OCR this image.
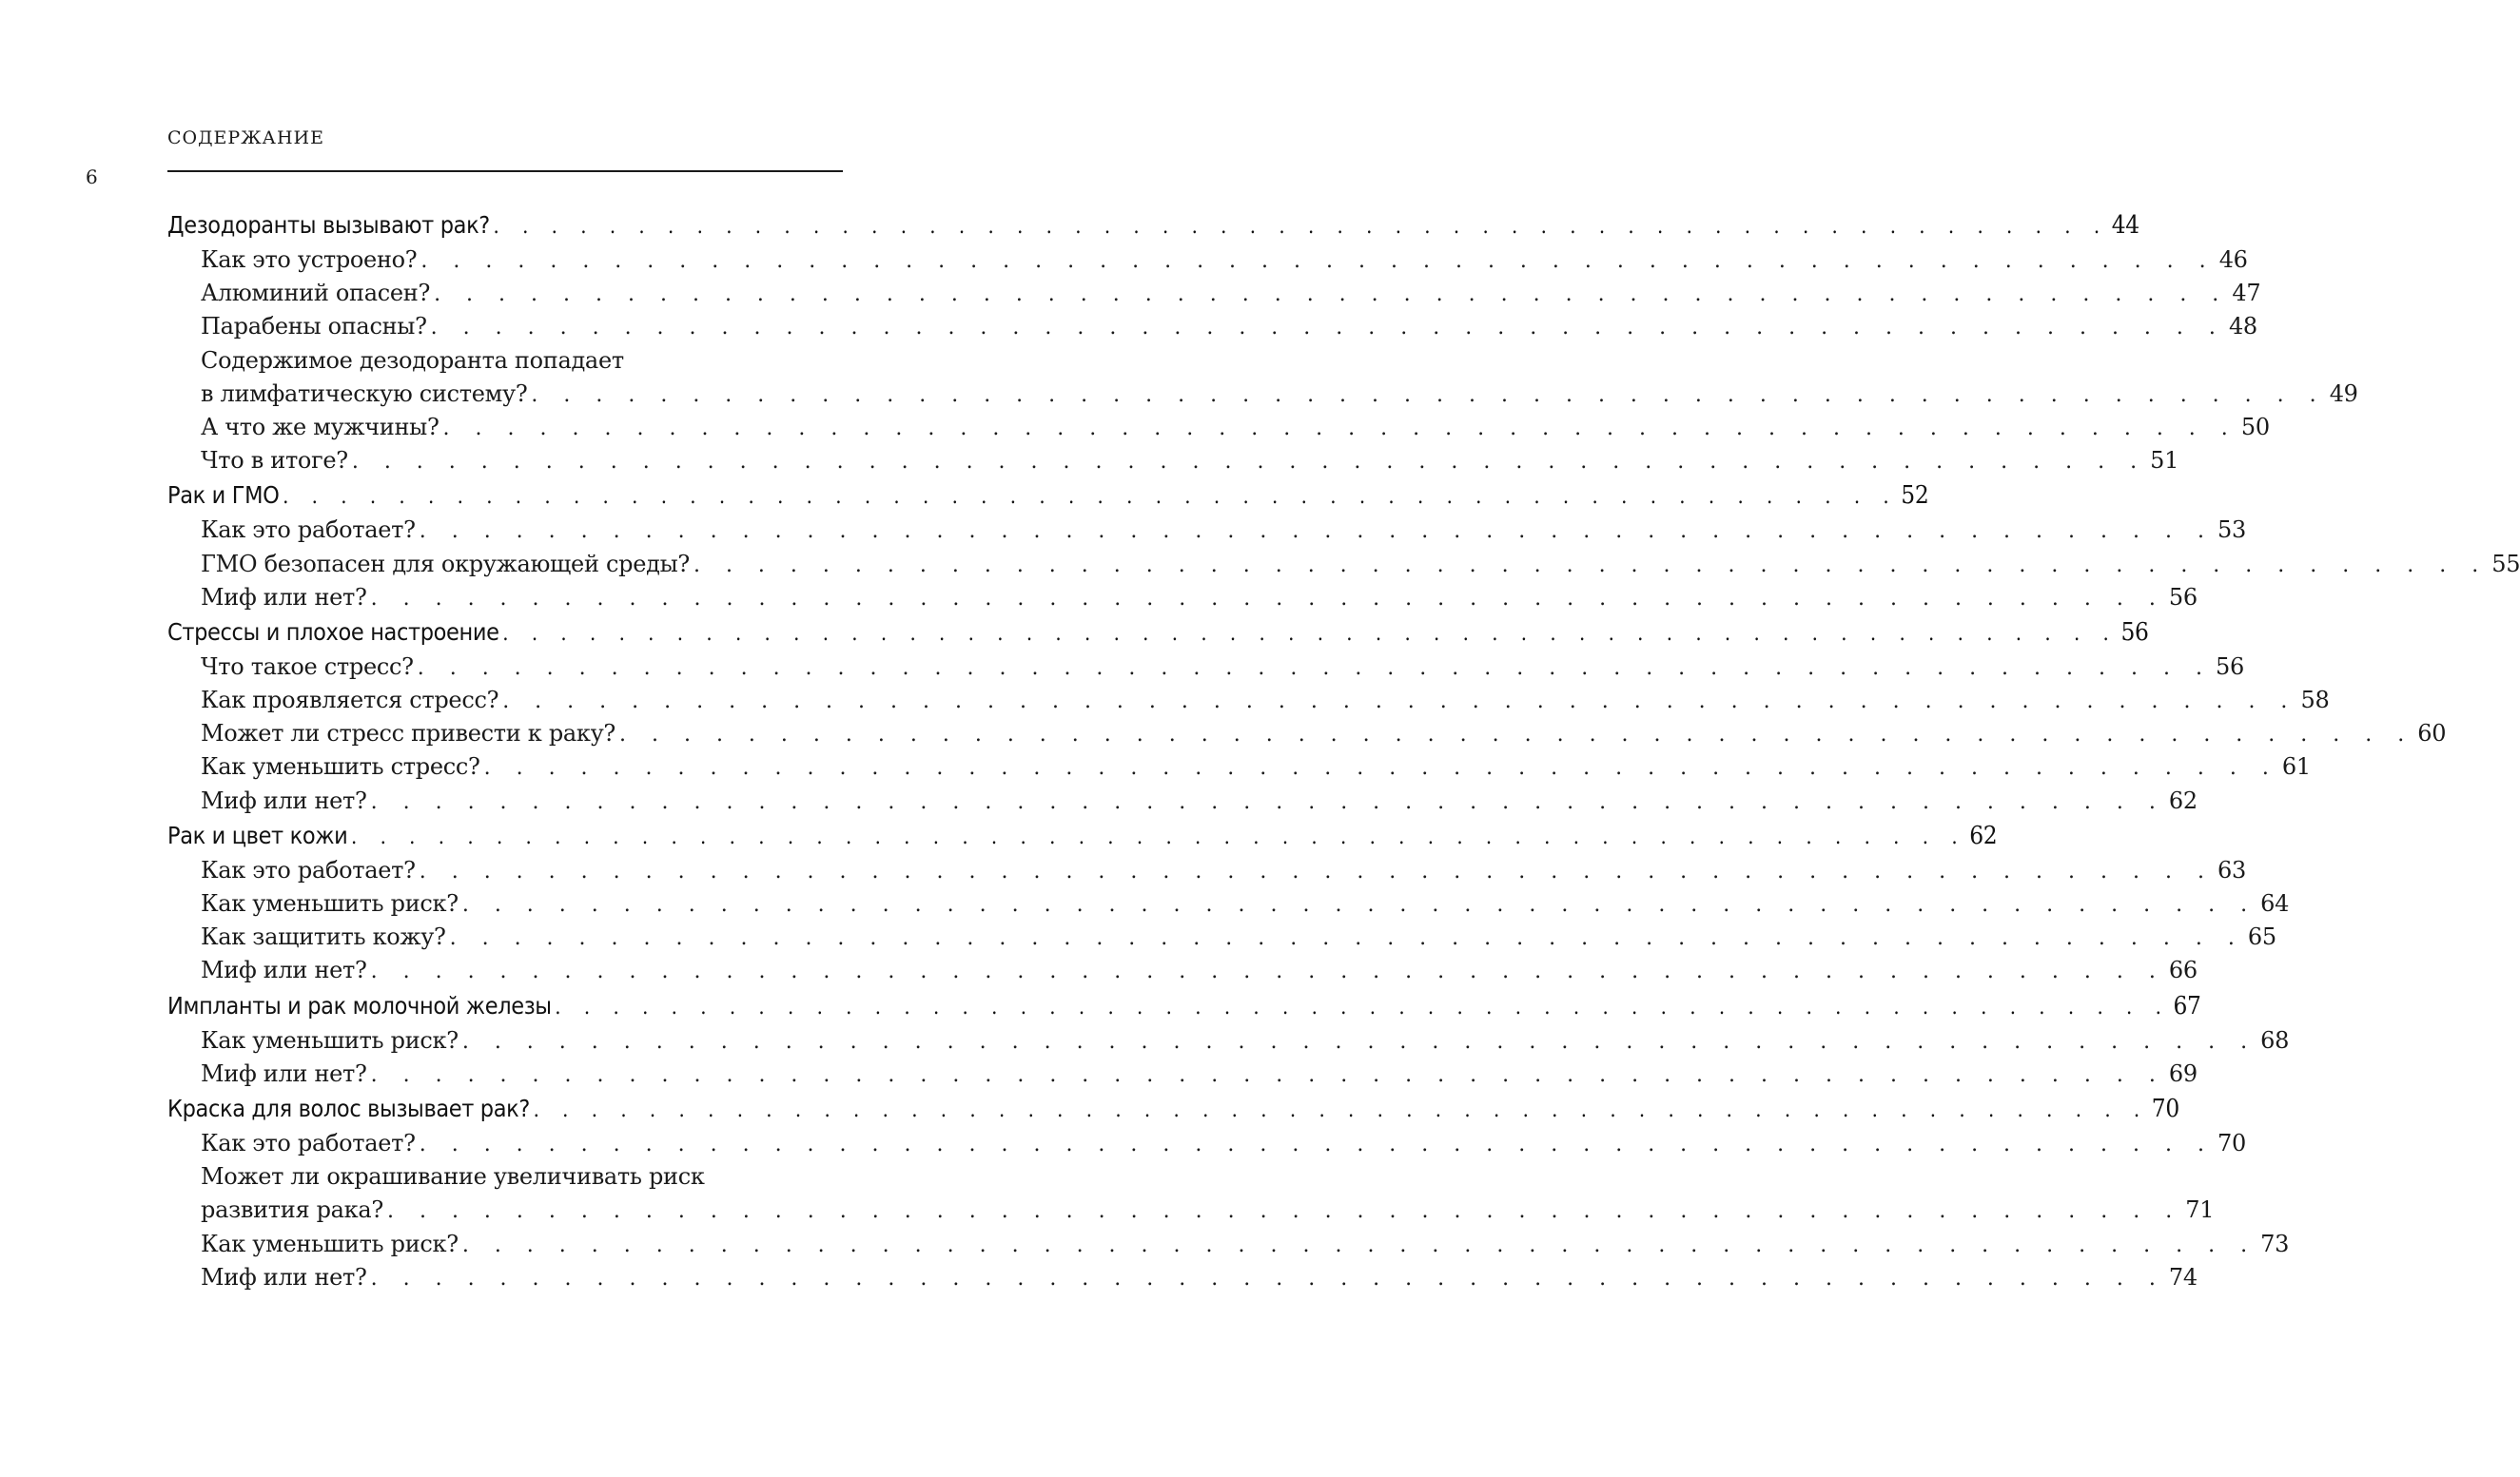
СОДЕРЖАНИЕ
6
Дезодоранты вызывают рак? . . . . . . . . . . . . . . . . . . . . . . . . . . . . . . . . . . . . . . . . . . . . . . . . . . . . . . . . 44
Как это устроено? . . . . . . . . . . . . . . . . . . . . . . . . . . . . . . . . . . . . . . . . . . . . . . . . . . . . . . . . 46
Алюминий опасен? . . . . . . . . . . . . . . . . . . . . . . . . . . . . . . . . . . . . . . . . . . . . . . . . . . . . . . . . 47
Парабены опасны? . . . . . . . . . . . . . . . . . . . . . . . . . . . . . . . . . . . . . . . . . . . . . . . . . . . . . . . . 48
Содержимое дезодоранта попадает
в лимфатическую систему? . . . . . . . . . . . . . . . . . . . . . . . . . . . . . . . . . . . . . . . . . . . . . . . . . . . . . . . . 49
А что же мужчины? . . . . . . . . . . . . . . . . . . . . . . . . . . . . . . . . . . . . . . . . . . . . . . . . . . . . . . . . 50
Что в итоге? . . . . . . . . . . . . . . . . . . . . . . . . . . . . . . . . . . . . . . . . . . . . . . . . . . . . . . . . 51
Рак и ГМО . . . . . . . . . . . . . . . . . . . . . . . . . . . . . . . . . . . . . . . . . . . . . . . . . . . . . . . . 52
Как это работает? . . . . . . . . . . . . . . . . . . . . . . . . . . . . . . . . . . . . . . . . . . . . . . . . . . . . . . . . 53
ГМО безопасен для окружающей среды? . . . . . . . . . . . . . . . . . . . . . . . . . . . . . . . . . . . . . . . . . . . . . . . . . . . . . . . . 55
Миф или нет? . . . . . . . . . . . . . . . . . . . . . . . . . . . . . . . . . . . . . . . . . . . . . . . . . . . . . . . . 56
Стрессы и плохое настроение . . . . . . . . . . . . . . . . . . . . . . . . . . . . . . . . . . . . . . . . . . . . . . . . . . . . . . . . 56
Что такое стресс? . . . . . . . . . . . . . . . . . . . . . . . . . . . . . . . . . . . . . . . . . . . . . . . . . . . . . . . . 56
Как проявляется стресс? . . . . . . . . . . . . . . . . . . . . . . . . . . . . . . . . . . . . . . . . . . . . . . . . . . . . . . . . 58
Может ли стресс привести к раку? . . . . . . . . . . . . . . . . . . . . . . . . . . . . . . . . . . . . . . . . . . . . . . . . . . . . . . . . 60
Как уменьшить стресс? . . . . . . . . . . . . . . . . . . . . . . . . . . . . . . . . . . . . . . . . . . . . . . . . . . . . . . . . 61
Миф или нет? . . . . . . . . . . . . . . . . . . . . . . . . . . . . . . . . . . . . . . . . . . . . . . . . . . . . . . . . 62
Рак и цвет кожи . . . . . . . . . . . . . . . . . . . . . . . . . . . . . . . . . . . . . . . . . . . . . . . . . . . . . . . . 62
Как это работает? . . . . . . . . . . . . . . . . . . . . . . . . . . . . . . . . . . . . . . . . . . . . . . . . . . . . . . . . 63
Как уменьшить риск? . . . . . . . . . . . . . . . . . . . . . . . . . . . . . . . . . . . . . . . . . . . . . . . . . . . . . . . . 64
Как защитить кожу? . . . . . . . . . . . . . . . . . . . . . . . . . . . . . . . . . . . . . . . . . . . . . . . . . . . . . . . . 65
Миф или нет? . . . . . . . . . . . . . . . . . . . . . . . . . . . . . . . . . . . . . . . . . . . . . . . . . . . . . . . . 66
Импланты и рак молочной железы . . . . . . . . . . . . . . . . . . . . . . . . . . . . . . . . . . . . . . . . . . . . . . . . . . . . . . . . 67
Как уменьшить риск? . . . . . . . . . . . . . . . . . . . . . . . . . . . . . . . . . . . . . . . . . . . . . . . . . . . . . . . . 68
Миф или нет? . . . . . . . . . . . . . . . . . . . . . . . . . . . . . . . . . . . . . . . . . . . . . . . . . . . . . . . . 69
Краска для волос вызывает рак? . . . . . . . . . . . . . . . . . . . . . . . . . . . . . . . . . . . . . . . . . . . . . . . . . . . . . . . . 70
Как это работает? . . . . . . . . . . . . . . . . . . . . . . . . . . . . . . . . . . . . . . . . . . . . . . . . . . . . . . . . 70
Может ли окрашивание увеличивать риск
развития рака? . . . . . . . . . . . . . . . . . . . . . . . . . . . . . . . . . . . . . . . . . . . . . . . . . . . . . . . . 71
Как уменьшить риск? . . . . . . . . . . . . . . . . . . . . . . . . . . . . . . . . . . . . . . . . . . . . . . . . . . . . . . . . 73
Миф или нет? . . . . . . . . . . . . . . . . . . . . . . . . . . . . . . . . . . . . . . . . . . . . . . . . . . . . . . . . 74
